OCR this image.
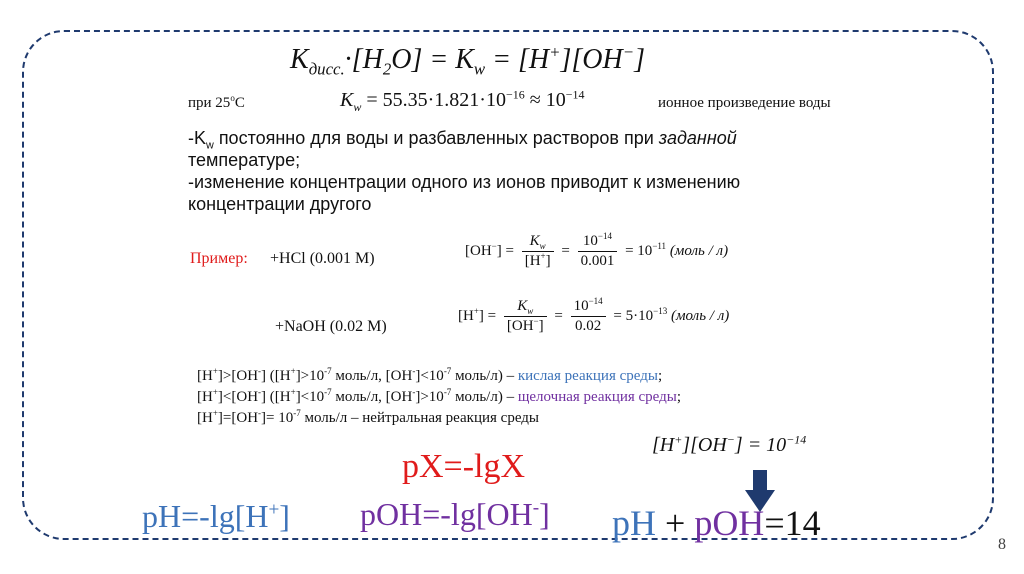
$K_{дисс.}\cdot[H_2O] = K_w = [H^+][OH^-]$
при $25^оC$	$K_w = 55.35\cdot 1.821\cdot 10^{-16} \approx 10^{-14}$
ионное произведение воды
$-K_w$ постоянно для воды и разбавленных растворов при заданной
температуре;
-изменение концентрации одного из ионов приводит к изменению
концентрации другого
Пример: +HCl (0.001 M)	$[OH^-] = \frac{K_w}{[H^+]} = \frac{10^{-14}}{0.001} = 10^{-11}$ (моль / л)
+NaOH (0.02 M)
$[H^+] = \frac{K_w}{[OH^-]} = \frac{10^{-14}}{0.02} = 5\cdot 10^{-13}$ (моль / л)
[H+]>[OH-] ($[H^+]>10^{-7}$ моль/л, $[OH^-]<10^{-7}$ моль/л) – кислая реакция среды;
[H+]<[OH-] ($[H^+]<10^{-7}$ моль/л, $[OH^-]>10^{-7}$ моль/л) – щелочная реакция среды;
$[H^+]=[OH^-]= 10^{-7}$ моль/л – нейтральная реакция среды
$[H^+][OH^-] = 10^{-14}$
pX=-lgX
pH=-lg[H+] pOH=-lg[OH-] pH + pOH=14
8
